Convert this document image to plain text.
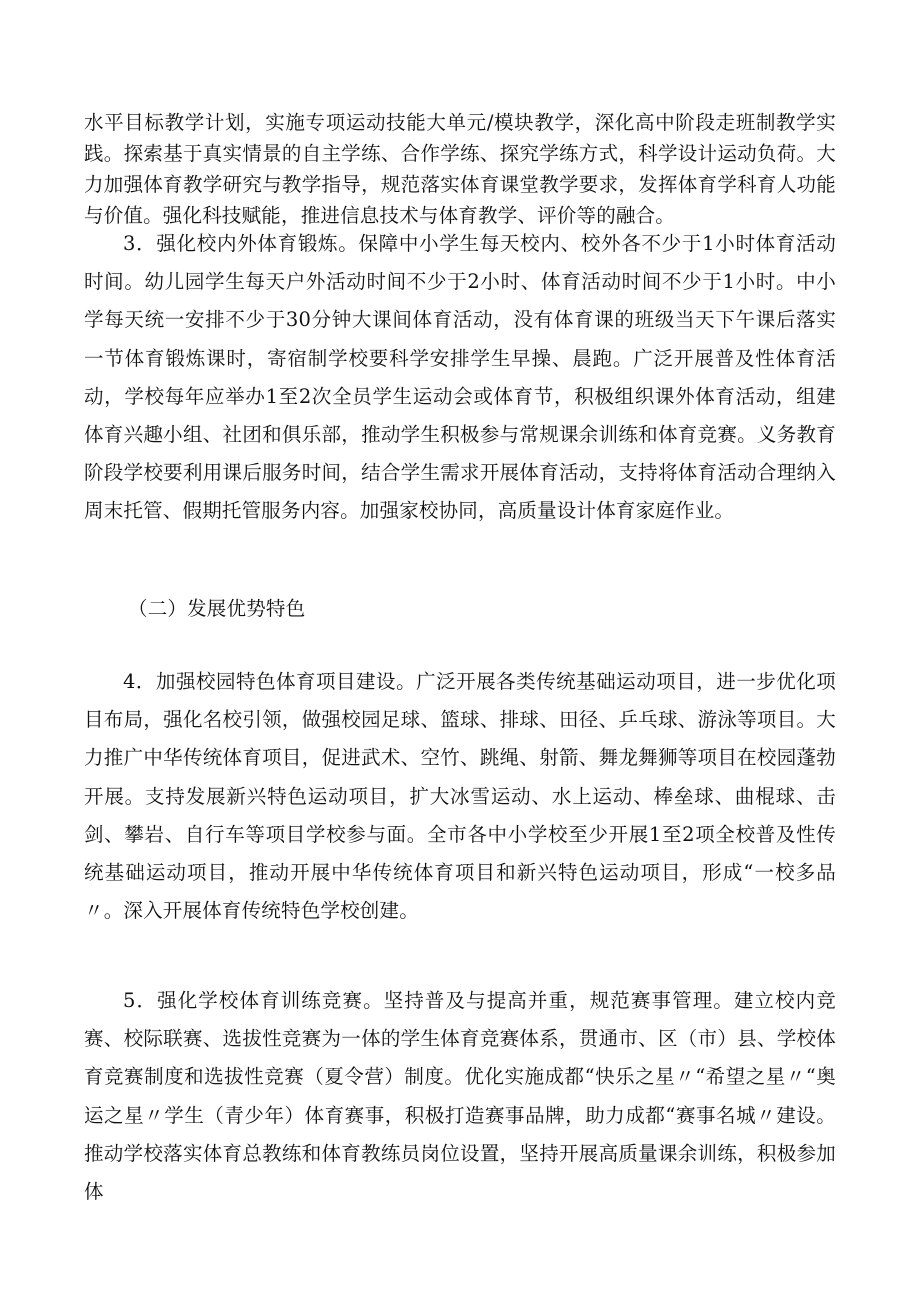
水平目标教学计划，实施专项运动技能大单元/模块教学，深化高中阶段走班制教学实践。探索基于真实情景的自主学练、合作学练、探究学练方式，科学设计运动负荷。大力加强体育教学研究与教学指导，规范落实体育课堂教学要求，发挥体育学科育人功能与价值。强化科技赋能，推进信息技术与体育教学、评价等的融合。

3．强化校内外体育锻炼。保障中小学生每天校内、校外各不少于1小时体育活动时间。幼儿园学生每天户外活动时间不少于2小时、体育活动时间不少于1小时。中小学每天统一安排不少于30分钟大课间体育活动，没有体育课的班级当天下午课后落实一节体育锻炼课时，寄宿制学校要科学安排学生早操、晨跑。广泛开展普及性体育活动，学校每年应举办1至2次全员学生运动会或体育节，积极组织课外体育活动，组建体育兴趣小组、社团和俱乐部，推动学生积极参与常规课余训练和体育竞赛。义务教育阶段学校要利用课后服务时间，结合学生需求开展体育活动，支持将体育活动合理纳入周末托管、假期托管服务内容。加强家校协同，高质量设计体育家庭作业。

（二）发展优势特色

4．加强校园特色体育项目建设。广泛开展各类传统基础运动项目，进一步优化项目布局，强化名校引领，做强校园足球、篮球、排球、田径、乒乓球、游泳等项目。大力推广中华传统体育项目，促进武术、空竹、跳绳、射箭、舞龙舞狮等项目在校园蓬勃开展。支持发展新兴特色运动项目，扩大冰雪运动、水上运动、棒垒球、曲棍球、击剑、攀岩、自行车等项目学校参与面。全市各中小学校至少开展1至2项全校普及性传统基础运动项目，推动开展中华传统体育项目和新兴特色运动项目，形成“一校多品〃。深入开展体育传统特色学校创建。

5．强化学校体育训练竞赛。坚持普及与提高并重，规范赛事管理。建立校内竞赛、校际联赛、选拔性竞赛为一体的学生体育竞赛体系，贯通市、区（市）县、学校体育竞赛制度和选拔性竞赛（夏令营）制度。优化实施成都“快乐之星〃“希望之星〃“奥运之星〃学生（青少年）体育赛事，积极打造赛事品牌，助力成都“赛事名城〃建设。推动学校落实体育总教练和体育教练员岗位设置，坚持开展高质量课余训练，积极参加体
